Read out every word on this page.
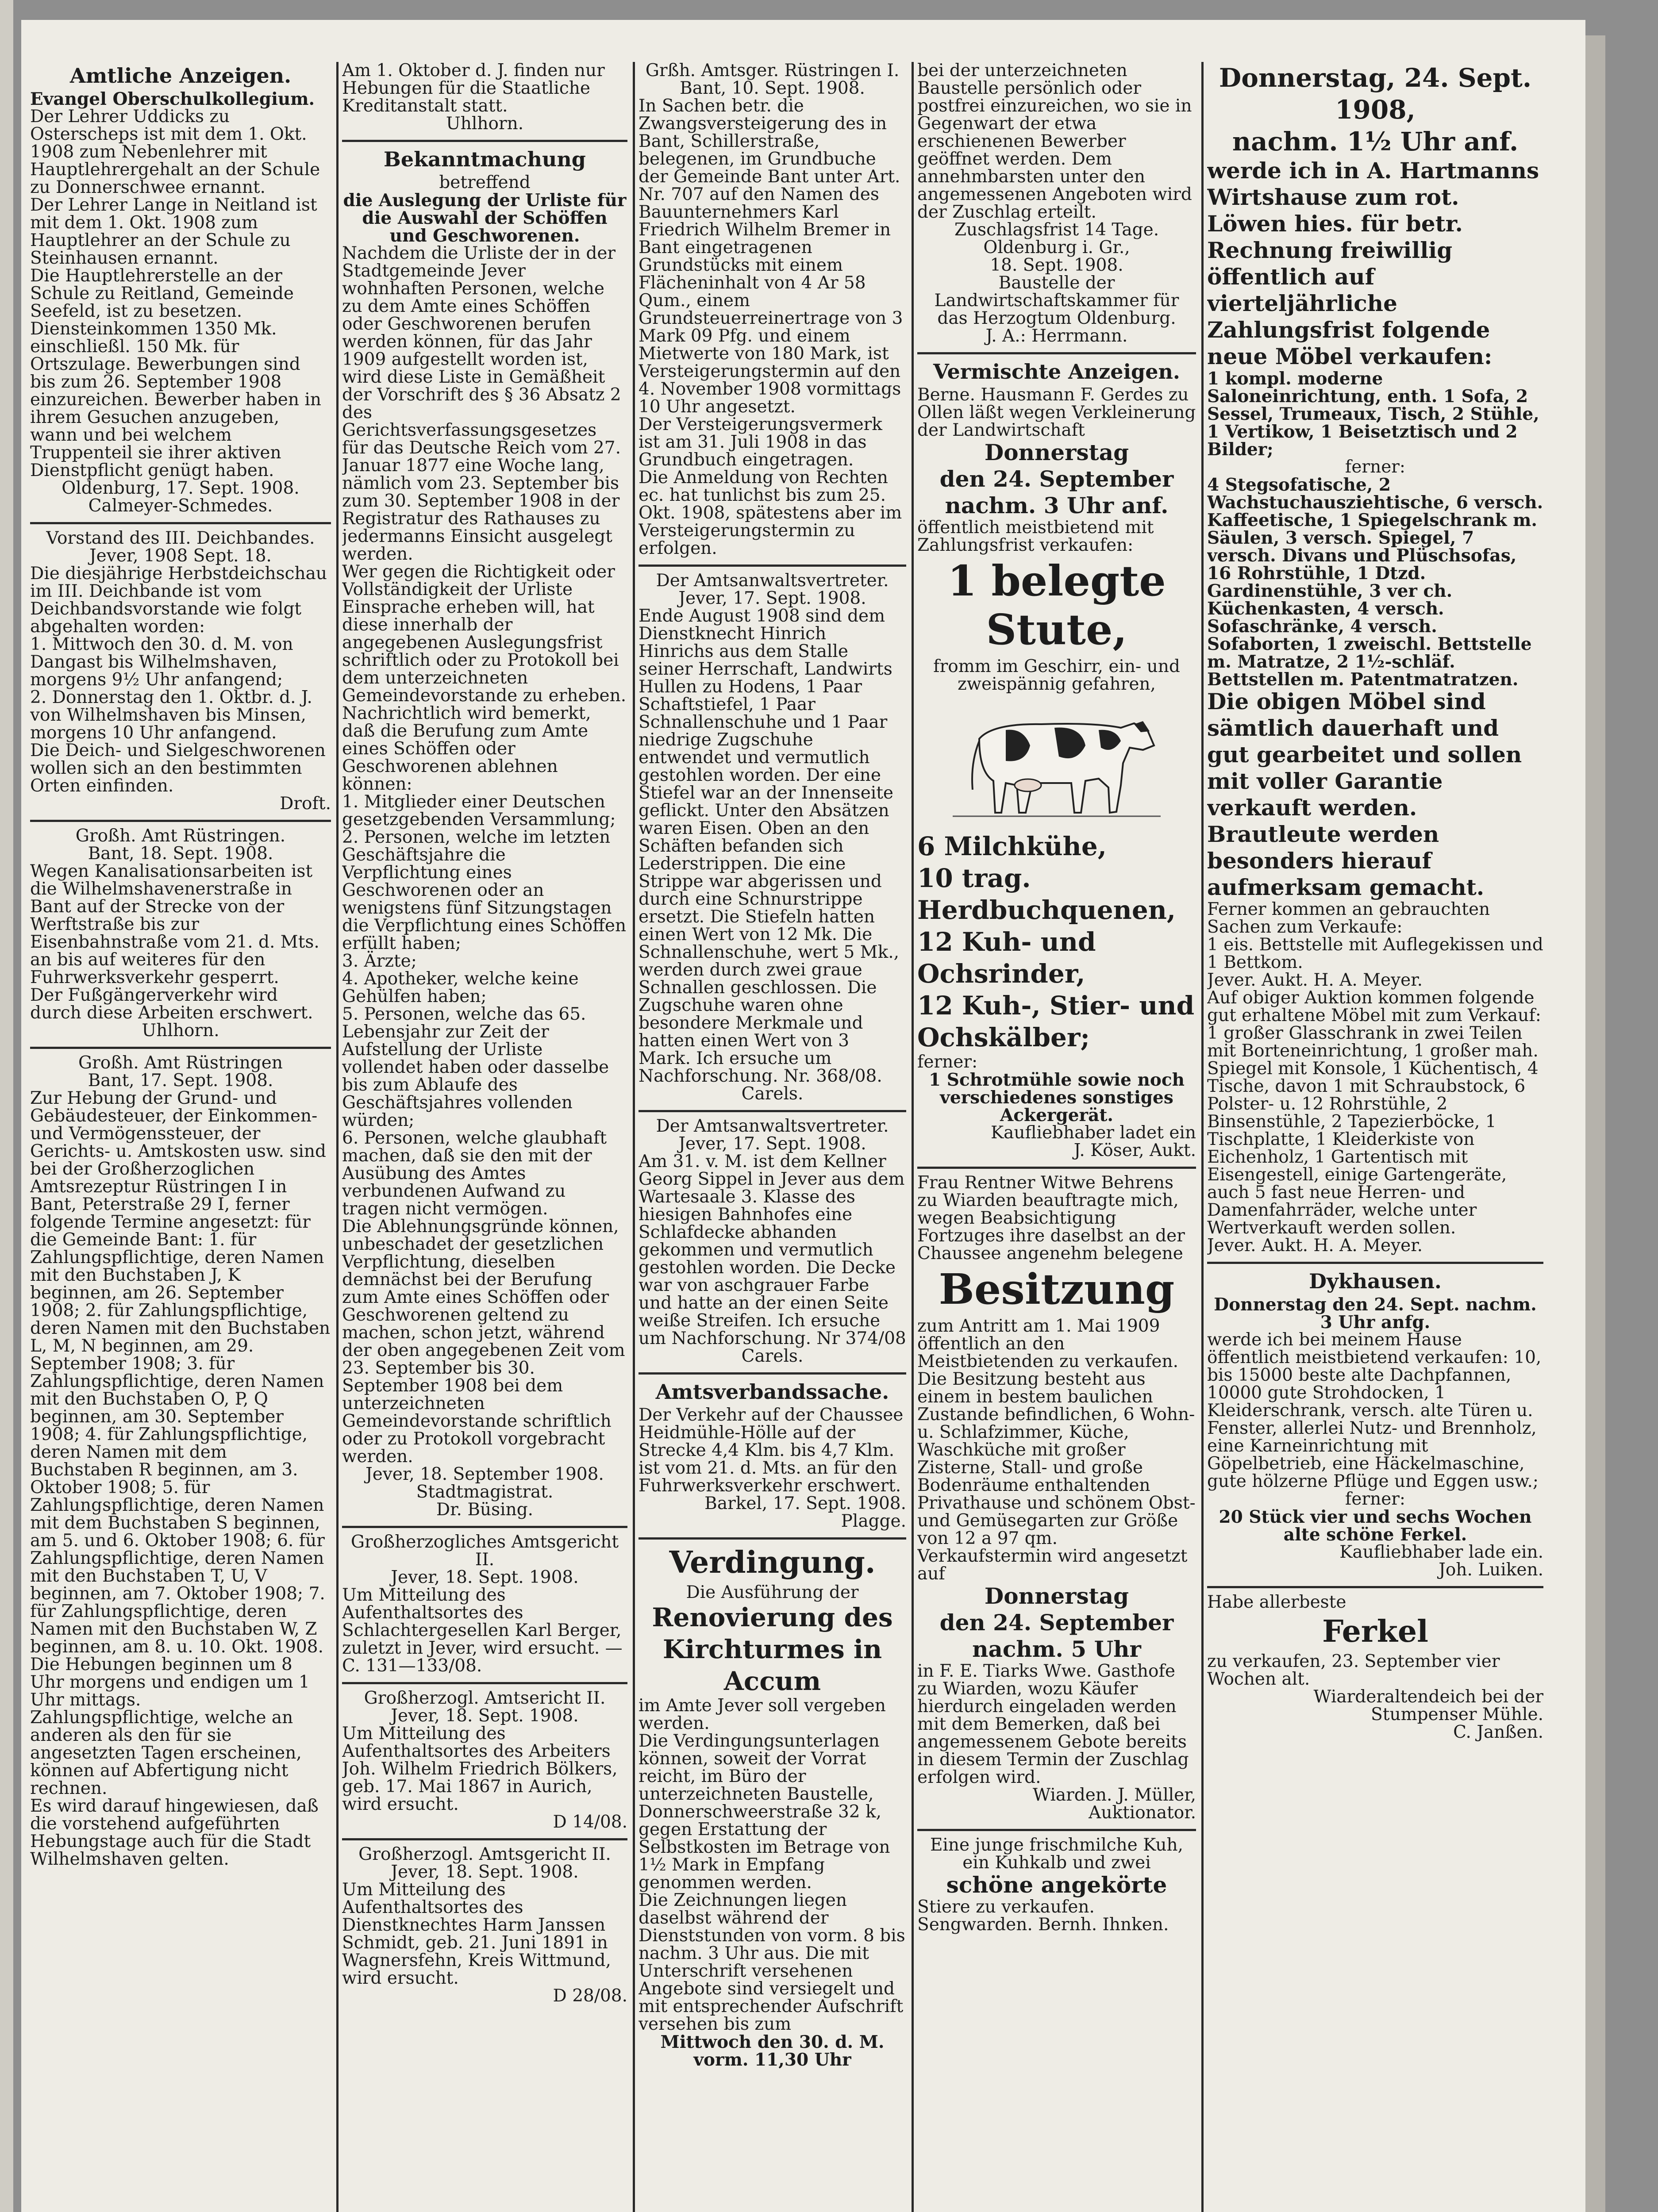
Amtliche Anzeigen.

Evangel Oberschulkollegium.

Der Lehrer Uddicks zu Osterscheps ist mit dem 1. Okt. 1908 zum Nebenlehrer mit Hauptlehrergehalt an der Schule zu Donnerschwee ernannt.

Der Lehrer Lange in Neitland ist mit dem 1. Okt. 1908 zum Hauptlehrer an der Schule zu Steinhausen ernannt.

Die Hauptlehrerstelle an der Schule zu Reitland, Gemeinde Seefeld, ist zu besetzen. Diensteinkommen 1350 Mk. einschließl. 150 Mk. für Ortszulage. Bewerbungen sind bis zum 26. September 1908 einzureichen. Bewerber haben in ihrem Gesuchen anzugeben, wann und bei welchem Truppenteil sie ihrer aktiven Dienstpflicht genügt haben.

Oldenburg, 17. Sept. 1908.
Calmeyer-Schmedes.

Vorstand des III. Deichbandes.
Jever, 1908 Sept. 18.

Die diesjährige Herbstdeichschau im III. Deichbande ist vom Deichbandsvorstande wie folgt abgehalten worden:

1. Mittwoch den 30. d. M. von Dangast bis Wilhelmshaven, morgens 9½ Uhr anfangend;

2. Donnerstag den 1. Oktbr. d. J. von Wilhelmshaven bis Minsen, morgens 10 Uhr anfangend.

Die Deich- und Sielgeschworenen wollen sich an den bestimmten Orten einfinden.

Droft.

Großh. Amt Rüstringen.
Bant, 18. Sept. 1908.

Wegen Kanalisationsarbeiten ist die Wilhelmshavenerstraße in Bant auf der Strecke von der Werftstraße bis zur Eisenbahnstraße vom 21. d. Mts. an bis auf weiteres für den Fuhrwerksverkehr gesperrt.

Der Fußgängerverkehr wird durch diese Arbeiten erschwert.

Uhlhorn.

Großh. Amt Rüstringen
Bant, 17. Sept. 1908.

Zur Hebung der Grund- und Gebäudesteuer, der Einkommen- und Vermögenssteuer, der Gerichts- u. Amtskosten usw. sind bei der Großherzoglichen Amtsrezeptur Rüstringen I in Bant, Peterstraße 29 I, ferner folgende Termine angesetzt: für die Gemeinde Bant: 1. für Zahlungspflichtige, deren Namen mit den Buchstaben J, K beginnen, am 26. September 1908; 2. für Zahlungspflichtige, deren Namen mit den Buchstaben L, M, N beginnen, am 29. September 1908; 3. für Zahlungspflichtige, deren Namen mit den Buchstaben O, P, Q beginnen, am 30. September 1908; 4. für Zahlungspflichtige, deren Namen mit dem Buchstaben R beginnen, am 3. Oktober 1908; 5. für Zahlungspflichtige, deren Namen mit dem Buchstaben S beginnen, am 5. und 6. Oktober 1908; 6. für Zahlungspflichtige, deren Namen mit den Buchstaben T, U, V beginnen, am 7. Oktober 1908; 7. für Zahlungspflichtige, deren Namen mit den Buchstaben W, Z beginnen, am 8. u. 10. Okt. 1908.

Die Hebungen beginnen um 8 Uhr morgens und endigen um 1 Uhr mittags.

Zahlungspflichtige, welche an anderen als den für sie angesetzten Tagen erscheinen, können auf Abfertigung nicht rechnen.

Es wird darauf hingewiesen, daß die vorstehend aufgeführten Hebungstage auch für die Stadt Wilhelmshaven gelten.

Am 1. Oktober d. J. finden nur Hebungen für die Staatliche Kreditanstalt statt.

Uhlhorn.

Bekanntmachung

betreffend

die Auslegung der Urliste für die Auswahl der Schöffen und Geschworenen.

Nachdem die Urliste der in der Stadtgemeinde Jever wohnhaften Personen, welche zu dem Amte eines Schöffen oder Geschworenen berufen werden können, für das Jahr 1909 aufgestellt worden ist, wird diese Liste in Gemäßheit der Vorschrift des § 36 Absatz 2 des Gerichtsverfassungsgesetzes für das Deutsche Reich vom 27. Januar 1877 eine Woche lang, nämlich vom 23. September bis zum 30. September 1908 in der Registratur des Rathauses zu jedermanns Einsicht ausgelegt werden.

Wer gegen die Richtigkeit oder Vollständigkeit der Urliste Einsprache erheben will, hat diese innerhalb der angegebenen Auslegungsfrist schriftlich oder zu Protokoll bei dem unterzeichneten Gemeindevorstande zu erheben.

Nachrichtlich wird bemerkt, daß die Berufung zum Amte eines Schöffen oder Geschworenen ablehnen können:

1. Mitglieder einer Deutschen gesetzgebenden Versammlung;

2. Personen, welche im letzten Geschäftsjahre die Verpflichtung eines Geschworenen oder an wenigstens fünf Sitzungstagen die Verpflichtung eines Schöffen erfüllt haben;

3. Ärzte;

4. Apotheker, welche keine Gehülfen haben;

5. Personen, welche das 65. Lebensjahr zur Zeit der Aufstellung der Urliste vollendet haben oder dasselbe bis zum Ablaufe des Geschäftsjahres vollenden würden;

6. Personen, welche glaubhaft machen, daß sie den mit der Ausübung des Amtes verbundenen Aufwand zu tragen nicht vermögen.

Die Ablehnungsgründe können, unbeschadet der gesetzlichen Verpflichtung, dieselben demnächst bei der Berufung zum Amte eines Schöffen oder Geschworenen geltend zu machen, schon jetzt, während der oben angegebenen Zeit vom 23. September bis 30. September 1908 bei dem unterzeichneten Gemeindevorstande schriftlich oder zu Protokoll vorgebracht werden.

Jever, 18. September 1908.
Stadtmagistrat.
Dr. Büsing.

Großherzogliches Amtsgericht II.
Jever, 18. Sept. 1908.

Um Mitteilung des Aufenthaltsortes des Schlachtergesellen Karl Berger, zuletzt in Jever, wird ersucht. — C. 131—133/08.

Großherzogl. Amtsericht II.
Jever, 18. Sept. 1908.

Um Mitteilung des Aufenthaltsortes des Arbeiters Joh. Wilhelm Friedrich Bölkers, geb. 17. Mai 1867 in Aurich, wird ersucht.

D 14/08.

Großherzogl. Amtsgericht II.
Jever, 18. Sept. 1908.

Um Mitteilung des Aufenthaltsortes des Dienstknechtes Harm Janssen Schmidt, geb. 21. Juni 1891 in Wagnersfehn, Kreis Wittmund, wird ersucht.

D 28/08.

Grßh. Amtsger. Rüstringen I.
Bant, 10. Sept. 1908.

In Sachen betr. die Zwangsversteigerung des in Bant, Schillerstraße, belegenen, im Grundbuche der Gemeinde Bant unter Art. Nr. 707 auf den Namen des Bauunternehmers Karl Friedrich Wilhelm Bremer in Bant eingetragenen Grundstücks mit einem Flächeninhalt von 4 Ar 58 Qum., einem Grundsteuerreinertrage von 3 Mark 09 Pfg. und einem Mietwerte von 180 Mark, ist Versteigerungstermin auf den 4. November 1908 vormittags 10 Uhr angesetzt.

Der Versteigerungsvermerk ist am 31. Juli 1908 in das Grundbuch eingetragen.

Die Anmeldung von Rechten ec. hat tunlichst bis zum 25. Okt. 1908, spätestens aber im Versteigerungstermin zu erfolgen.

Der Amtsanwaltsvertreter.
Jever, 17. Sept. 1908.

Ende August 1908 sind dem Dienstknecht Hinrich Hinrichs aus dem Stalle seiner Herrschaft, Landwirts Hullen zu Hodens, 1 Paar Schaftstiefel, 1 Paar Schnallenschuhe und 1 Paar niedrige Zugschuhe entwendet und vermutlich gestohlen worden. Der eine Stiefel war an der Innenseite geflickt. Unter den Absätzen waren Eisen. Oben an den Schäften befanden sich Lederstrippen. Die eine Strippe war abgerissen und durch eine Schnurstrippe ersetzt. Die Stiefeln hatten einen Wert von 12 Mk. Die Schnallenschuhe, wert 5 Mk., werden durch zwei graue Schnallen geschlossen. Die Zugschuhe waren ohne besondere Merkmale und hatten einen Wert von 3 Mark. Ich ersuche um Nachforschung. Nr. 368/08.

Carels.

Der Amtsanwaltsvertreter.
Jever, 17. Sept. 1908.

Am 31. v. M. ist dem Kellner Georg Sippel in Jever aus dem Wartesaale 3. Klasse des hiesigen Bahnhofes eine Schlafdecke abhanden gekommen und vermutlich gestohlen worden. Die Decke war von aschgrauer Farbe und hatte an der einen Seite weiße Streifen. Ich ersuche um Nachforschung. Nr 374/08

Carels.

Amtsverbandssache.

Der Verkehr auf der Chaussee Heidmühle-Hölle auf der Strecke 4,4 Klm. bis 4,7 Klm. ist vom 21. d. Mts. an für den Fuhrwerksverkehr erschwert.

Barkel, 17. Sept. 1908.
Plagge.

Verdingung.

Die Ausführung der

Renovierung des Kirchturmes in Accum

im Amte Jever soll vergeben werden.

Die Verdingungsunterlagen können, soweit der Vorrat reicht, im Büro der unterzeichneten Baustelle, Donnerschweerstraße 32 k, gegen Erstattung der Selbstkosten im Betrage von 1½ Mark in Empfang genommen werden.

Die Zeichnungen liegen daselbst während der Dienststunden von vorm. 8 bis nachm. 3 Uhr aus. Die mit Unterschrift versehenen Angebote sind versiegelt und mit entsprechender Aufschrift versehen bis zum

Mittwoch den 30. d. M. vorm. 11,30 Uhr

bei der unterzeichneten Baustelle persönlich oder postfrei einzureichen, wo sie in Gegenwart der etwa erschienenen Bewerber geöffnet werden. Dem annehmbarsten unter den angemessenen Angeboten wird der Zuschlag erteilt.

Zuschlagsfrist 14 Tage.
Oldenburg i. Gr.,
18. Sept. 1908.

Baustelle der Landwirtschaftskammer für das Herzogtum Oldenburg.

J. A.: Herrmann.

Vermischte Anzeigen.

Berne. Hausmann F. Gerdes zu Ollen läßt wegen Verkleinerung der Landwirtschaft

Donnerstag
den 24. September
nachm. 3 Uhr anf.

öffentlich meistbietend mit Zahlungsfrist verkaufen:

1 belegte Stute,

fromm im Geschirr, ein- und zweispännig gefahren,

6 Milchkühe,
10 trag. Herdbuchquenen,
12 Kuh- und Ochsrinder,
12 Kuh-, Stier- und Ochskälber;

ferner:

1 Schrotmühle sowie noch verschiedenes sonstiges Ackergerät.

Kaufliebhaber ladet ein
J. Köser, Aukt.

Frau Rentner Witwe Behrens zu Wiarden beauftragte mich, wegen Beabsichtigung Fortzuges ihre daselbst an der Chaussee angenehm belegene

Besitzung

zum Antritt am 1. Mai 1909 öffentlich an den Meistbietenden zu verkaufen.

Die Besitzung besteht aus einem in bestem baulichen Zustande befindlichen, 6 Wohn- u. Schlafzimmer, Küche, Waschküche mit großer Zisterne, Stall- und große Bodenräume enthaltenden Privathause und schönem Obst- und Gemüsegarten zur Größe von 12 a 97 qm.

Verkaufstermin wird angesetzt auf

Donnerstag
den 24. September
nachm. 5 Uhr

in F. E. Tiarks Wwe. Gasthofe zu Wiarden, wozu Käufer hierdurch eingeladen werden mit dem Bemerken, daß bei angemessenem Gebote bereits in diesem Termin der Zuschlag erfolgen wird.

Wiarden. J. Müller,
Auktionator.

Eine junge frischmilche Kuh, ein Kuhkalb und zwei

schöne angekörte

Stiere zu verkaufen.
Sengwarden. Bernh. Ihnken.

Donnerstag, 24. Sept. 1908,
nachm. 1½ Uhr anf.

werde ich in A. Hartmanns Wirtshause zum rot. Löwen hies. für betr. Rechnung freiwillig öffentlich auf vierteljährliche Zahlungsfrist folgende neue Möbel verkaufen:

1 kompl. moderne Saloneinrichtung, enth. 1 Sofa, 2 Sessel, Trumeaux, Tisch, 2 Stühle, 1 Vertikow, 1 Beisetztisch und 2 Bilder;

ferner:

4 Stegsofatische, 2 Wachstuchausziehtische, 6 versch. Kaffeetische, 1 Spiegelschrank m. Säulen, 3 versch. Spiegel, 7 versch. Divans und Plüschsofas, 16 Rohrstühle, 1 Dtzd. Gardinenstühle, 3 ver ch. Küchenkasten, 4 versch. Sofaschränke, 4 versch. Sofaborten, 1 zweischl. Bettstelle m. Matratze, 2 1½-schläf. Bettstellen m. Patentmatratzen.

Die obigen Möbel sind sämtlich dauerhaft und gut gearbeitet und sollen mit voller Garantie verkauft werden.

Brautleute werden besonders hierauf aufmerksam gemacht.

Ferner kommen an gebrauchten Sachen zum Verkaufe:

1 eis. Bettstelle mit Auflegekissen und 1 Bettkom.

Jever. Aukt. H. A. Meyer.

Auf obiger Auktion kommen folgende gut erhaltene Möbel mit zum Verkauf:

1 großer Glasschrank in zwei Teilen mit Borteneinrichtung, 1 großer mah. Spiegel mit Konsole, 1 Küchentisch, 4 Tische, davon 1 mit Schraubstock, 6 Polster- u. 12 Rohrstühle, 2 Binsenstühle, 2 Tapezierböcke, 1 Tischplatte, 1 Kleiderkiste von Eichenholz, 1 Gartentisch mit Eisengestell, einige Gartengeräte, auch 5 fast neue Herren- und Damenfahrräder, welche unter Wertverkauft werden sollen.

Jever. Aukt. H. A. Meyer.

Dykhausen.

Donnerstag den 24. Sept. nachm. 3 Uhr anfg.

werde ich bei meinem Hause öffentlich meistbietend verkaufen: 10, bis 15000 beste alte Dachpfannen, 10000 gute Strohdocken, 1 Kleiderschrank, versch. alte Türen u. Fenster, allerlei Nutz- und Brennholz, eine Karneinrichtung mit Göpelbetrieb, eine Häckelmaschine, gute hölzerne Pflüge und Eggen usw.;

ferner:

20 Stück vier und sechs Wochen alte schöne Ferkel.

Kaufliebhaber lade ein.
Joh. Luiken.

Habe allerbeste

Ferkel

zu verkaufen, 23. September vier Wochen alt.

Wiarderaltendeich bei der Stumpenser Mühle.
C. Janßen.
